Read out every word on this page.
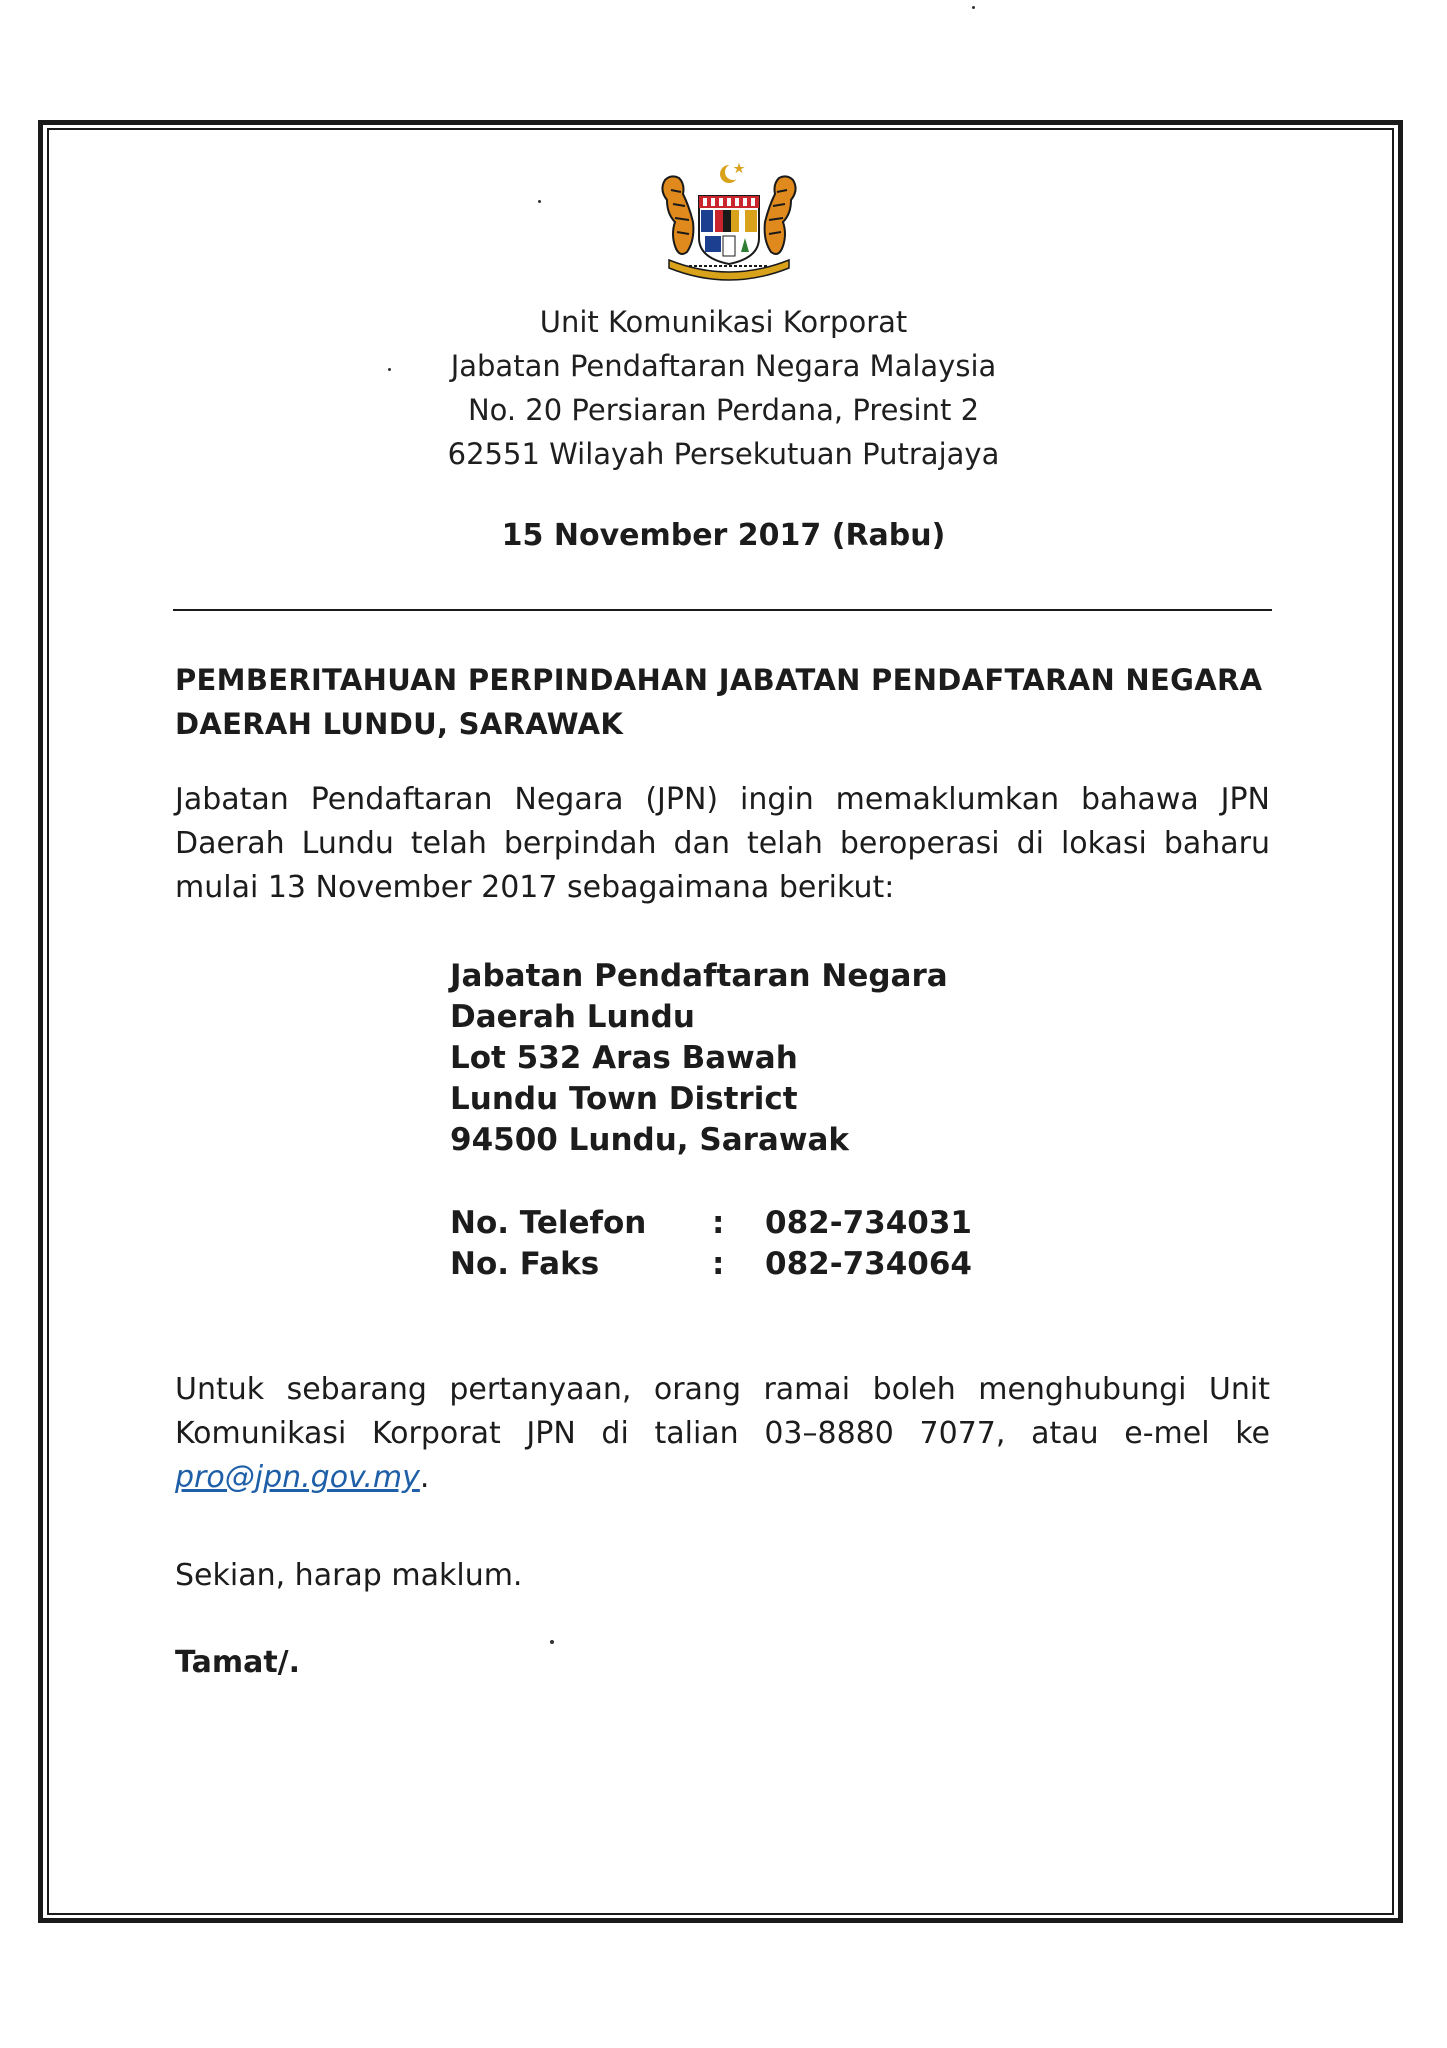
Unit Komunikasi Korporat
Jabatan Pendaftaran Negara Malaysia
No. 20 Persiaran Perdana, Presint 2
62551 Wilayah Persekutuan Putrajaya
15 November 2017 (Rabu)
PEMBERITAHUAN PERPINDAHAN JABATAN PENDAFTARAN NEGARA DAERAH LUNDU, SARAWAK
Jabatan Pendaftaran Negara (JPN) ingin memaklumkan bahawa JPN Daerah Lundu telah berpindah dan telah beroperasi di lokasi baharu mulai 13 November 2017 sebagaimana berikut:
Jabatan Pendaftaran Negara
Daerah Lundu
Lot 532 Aras Bawah
Lundu Town District
94500 Lundu, Sarawak
No. Telefon	: 082-734031
No. Faks	: 082-734064
Untuk sebarang pertanyaan, orang ramai boleh menghubungi Unit Komunikasi Korporat JPN di talian 03–8880 7077, atau e-mel ke pro@jpn.gov.my.
Sekian, harap maklum.
Tamat/.
